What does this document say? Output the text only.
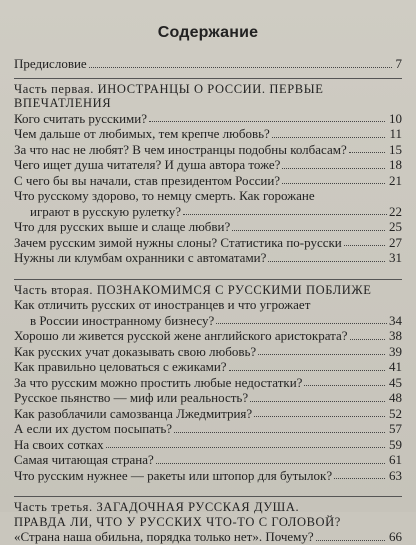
Содержание
Предисловие	7
Часть первая. ИНОСТРАНЦЫ О РОССИИ. ПЕРВЫЕ
ВПЕЧАТЛЕНИЯ
Кого считать русскими?	10
Чем дальше от любимых, тем крепче любовь?	11
За что нас не любят? В чем иностранцы подобны колбасам?	15
Чего ищет душа читателя? И душа автора тоже?	18
С чего бы вы начали, став президентом России?	21
Что русскому здорово, то немцу смерть. Как горожане
играют в русскую рулетку?	22
Что для русских выше и слаще любви?	25
Зачем русским зимой нужны слоны? Статистика по-русски	27
Нужны ли клумбам охранники с автоматами?	31
Часть вторая. ПОЗНАКОМИМСЯ С РУССКИМИ ПОБЛИЖЕ
Как отличить русских от иностранцев и что угрожает
в России иностранному бизнесу?	34
Хорошо ли живется русской жене английского аристократа?	38
Как русских учат доказывать свою любовь?	39
Как правильно целоваться с ежиками?	41
За что русским можно простить любые недостатки?	45
Русское пьянство — миф или реальность?	48
Как разоблачили самозванца Лжедмитрия?	52
А если их дустом посыпать?	57
На своих сотках	59
Самая читающая страна?	61
Что русским нужнее — ракеты или штопор для бутылок?	63
Часть третья. ЗАГАДОЧНАЯ РУССКАЯ ДУША.
ПРАВДА ЛИ, ЧТО У РУССКИХ ЧТО-ТО С ГОЛОВОЙ?
«Страна наша обильна, порядка только нет». Почему?	66
